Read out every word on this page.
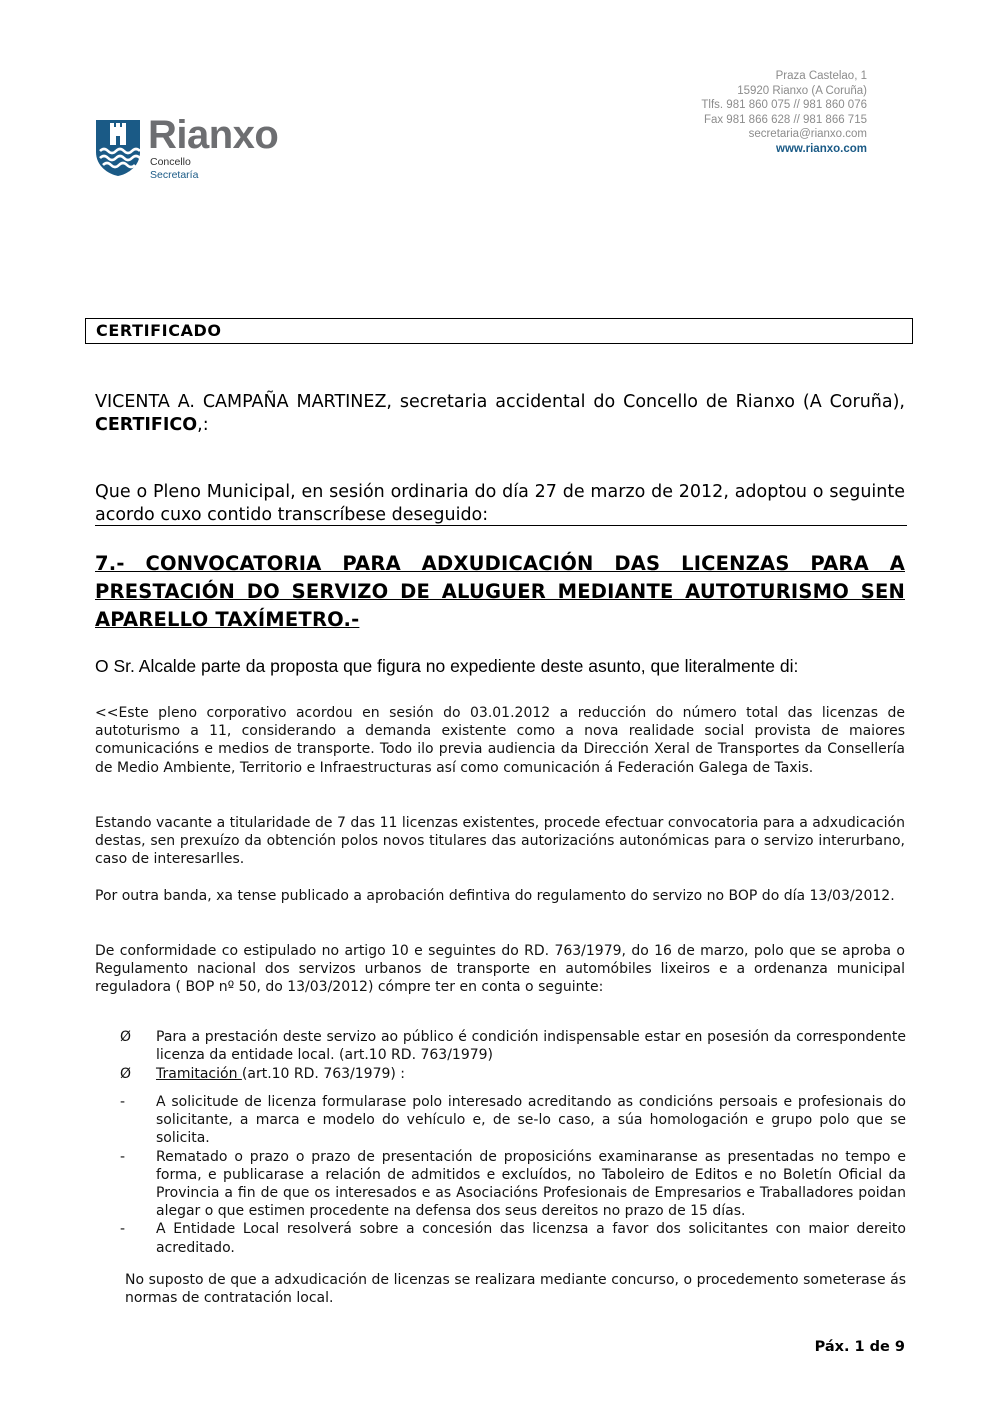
Praza Castelao, 1
15920 Rianxo (A Coruña)
Tlfs. 981 860 075 // 981 860 076
Fax 981 866 628 // 981 866 715
secretaria@rianxo.com
www.rianxo.com
Rianxo
Concello
Secretaría
CERTIFICADO
VICENTA A. CAMPAÑA MARTINEZ, secretaria accidental do Concello de Rianxo (A Coruña), CERTIFICO,:
Que o Pleno Municipal, en sesión ordinaria do día 27 de marzo de 2012, adoptou o seguinte acordo cuxo contido transcríbese deseguido:
7.- CONVOCATORIA PARA ADXUDICACIÓN DAS LICENZAS PARA A
PRESTACIÓN DO SERVIZO DE ALUGUER MEDIANTE AUTOTURISMO SEN
APARELLO TAXÍMETRO.-
O Sr. Alcalde parte da proposta que figura no expediente deste asunto, que literalmente di:
<<Este pleno corporativo acordou en sesión do 03.01.2012 a reducción do número total das licenzas de autoturismo a 11, considerando a demanda existente como a nova realidade social provista de maiores comunicacións e medios de transporte. Todo ilo previa audiencia da Dirección Xeral de Transportes da Consellería de Medio Ambiente, Territorio e Infraestructuras así como comunicación á Federación Galega de Taxis.
Estando vacante a titularidade de 7 das 11 licenzas existentes, procede efectuar convocatoria para a adxudicación destas, sen prexuízo da obtención polos novos titulares das autorizacións autonómicas para o servizo interurbano, caso de interesarlles.
Por outra banda, xa tense publicado a aprobación defintiva do regulamento do servizo no BOP do día 13/03/2012.
De conformidade co estipulado no artigo 10 e seguintes do RD. 763/1979, do 16 de marzo, polo que se aproba o Regulamento nacional dos servizos urbanos de transporte en automóbiles lixeiros e a ordenanza municipal reguladora ( BOP nº 50, do 13/03/2012) cómpre ter en conta o seguinte:
Ø Para a prestación deste servizo ao público é condición indispensable estar en posesión da correspondente licenza da entidade local. (art.10 RD. 763/1979)
Ø Tramitación (art.10 RD. 763/1979) :
- A solicitude de licenza formularase polo interesado acreditando as condicións persoais e profesionais do solicitante, a marca e modelo do vehículo e, de se-lo caso, a súa homologación e grupo polo que se solicita.
- Rematado o prazo o prazo de presentación de proposicións examinaranse as presentadas no tempo e forma, e publicarase a relación de admitidos e excluídos, no Taboleiro de Editos e no Boletín Oficial da Provincia a fin de que os interesados e as Asociacións Profesionais de Empresarios e Traballadores poidan alegar o que estimen procedente na defensa dos seus dereitos no prazo de 15 días.
- A Entidade Local resolverá sobre a concesión das licenzsa a favor dos solicitantes con maior dereito acreditado.
No suposto de que a adxudicación de licenzas se realizara mediante concurso, o procedemento someterase ás normas de contratación local.
Páx. 1 de 9
